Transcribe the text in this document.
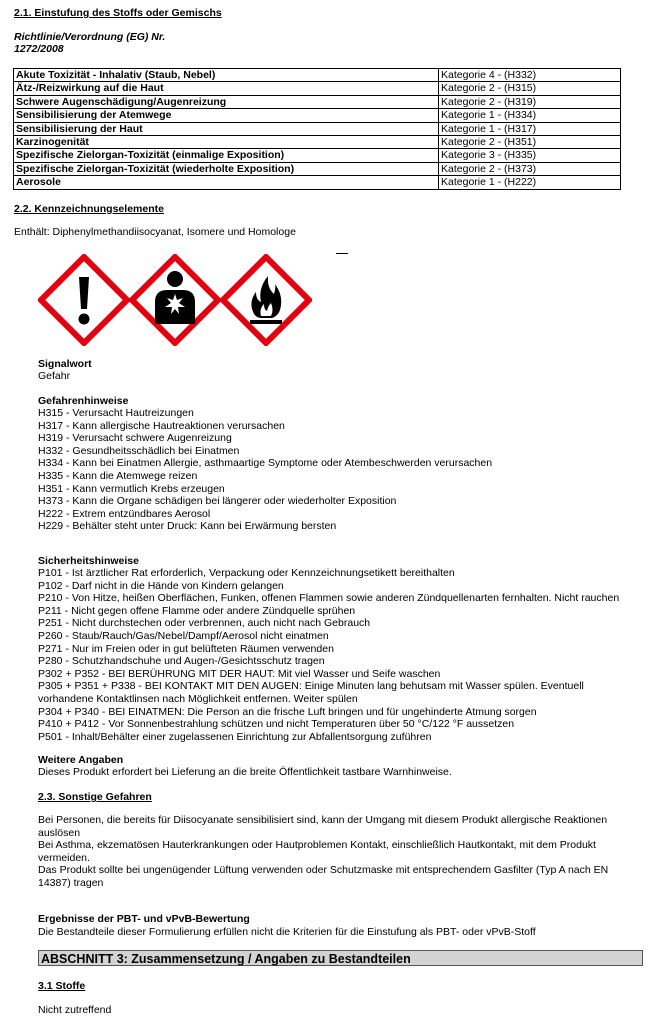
2.1. Einstufung des Stoffs oder Gemischs
Richtlinie/Verordnung (EG) Nr.
1272/2008
Akute Toxizität - Inhalativ (Staub, Nebel)	Kategorie 4 - (H332)
Ätz-/Reizwirkung auf die Haut	Kategorie 2 - (H315)
Schwere Augenschädigung/Augenreizung	Kategorie 2 - (H319)
Sensibilisierung der Atemwege	Kategorie 1 - (H334)
Sensibilisierung der Haut	Kategorie 1 - (H317)
Karzinogenität	Kategorie 2 - (H351)
Spezifische Zielorgan-Toxizität (einmalige Exposition)	Kategorie 3 - (H335)
Spezifische Zielorgan-Toxizität (wiederholte Exposition)	Kategorie 2 - (H373)
Aerosole	Kategorie 1 - (H222)
2.2. Kennzeichnungselemente
Enthält: Diphenylmethandiisocyanat, Isomere und Homologe
Signalwort
Gefahr
Gefahrenhinweise
H315 - Verursacht Hautreizungen
H317 - Kann allergische Hautreaktionen verursachen
H319 - Verursacht schwere Augenreizung
H332 - Gesundheitsschädlich bei Einatmen
H334 - Kann bei Einatmen Allergie, asthmaartige Symptome oder Atembeschwerden verursachen
H335 - Kann die Atemwege reizen
H351 - Kann vermutlich Krebs erzeugen
H373 - Kann die Organe schädigen bei längerer oder wiederholter Exposition
H222 - Extrem entzündbares Aerosol
H229 - Behälter steht unter Druck: Kann bei Erwärmung bersten
Sicherheitshinweise
P101 - Ist ärztlicher Rat erforderlich, Verpackung oder Kennzeichnungsetikett bereithalten
P102 - Darf nicht in die Hände von Kindern gelangen
P210 - Von Hitze, heißen Oberflächen, Funken, offenen Flammen sowie anderen Zündquellenarten fernhalten. Nicht rauchen
P211 - Nicht gegen offene Flamme oder andere Zündquelle sprühen
P251 - Nicht durchstechen oder verbrennen, auch nicht nach Gebrauch
P260 - Staub/Rauch/Gas/Nebel/Dampf/Aerosol nicht einatmen
P271 - Nur im Freien oder in gut belüfteten Räumen verwenden
P280 - Schutzhandschuhe und Augen-/Gesichtsschutz tragen
P302 + P352 - BEI BERÜHRUNG MIT DER HAUT: Mit viel Wasser und Seife waschen
P305 + P351 + P338 - BEI KONTAKT MIT DEN AUGEN: Einige Minuten lang behutsam mit Wasser spülen. Eventuell
vorhandene Kontaktlinsen nach Möglichkeit entfernen. Weiter spülen
P304 + P340 - BEI EINATMEN: Die Person an die frische Luft bringen und für ungehinderte Atmung sorgen
P410 + P412 - Vor Sonnenbestrahlung schützen und nicht Temperaturen über 50 °C/122 °F aussetzen
P501 - Inhalt/Behälter einer zugelassenen Einrichtung zur Abfallentsorgung zuführen
Weitere Angaben
Dieses Produkt erfordert bei Lieferung an die breite Öffentlichkeit tastbare Warnhinweise.
2.3. Sonstige Gefahren
Bei Personen, die bereits für Diisocyanate sensibilisiert sind, kann der Umgang mit diesem Produkt allergische Reaktionen
auslösen
Bei Asthma, ekzematösen Hauterkrankungen oder Hautproblemen Kontakt, einschließlich Hautkontakt, mit dem Produkt
vermeiden.
Das Produkt sollte bei ungenügender Lüftung verwenden oder Schutzmaske mit entsprechendem Gasfilter (Typ A nach EN
14387) tragen
Ergebnisse der PBT- und vPvB-Bewertung
Die Bestandteile dieser Formulierung erfüllen nicht die Kriterien für die Einstufung als PBT- oder vPvB-Stoff
ABSCHNITT 3: Zusammensetzung / Angaben zu Bestandteilen
3.1 Stoffe
Nicht zutreffend
